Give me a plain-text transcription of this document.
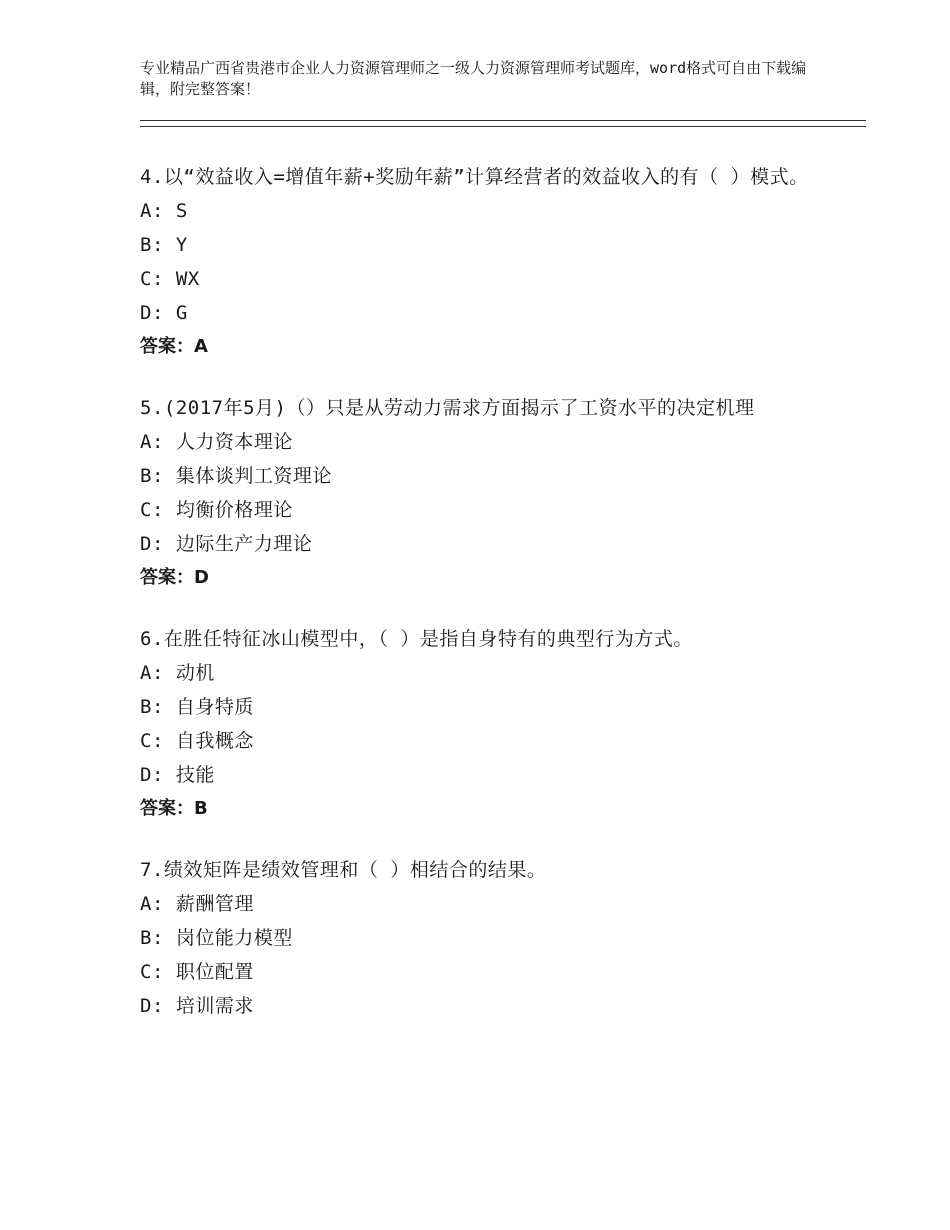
专业精品广西省贵港市企业人力资源管理师之一级人力资源管理师考试题库，word格式可自由下载编辑，附完整答案！
4.以“效益收入=增值年薪+奖励年薪”计算经营者的效益收入的有（ ）模式。
A: S
B: Y
C: WX
D: G
答案：A
5.(2017年5月)（）只是从劳动力需求方面揭示了工资水平的决定机理
A: 人力资本理论
B: 集体谈判工资理论
C: 均衡价格理论
D: 边际生产力理论
答案：D
6.在胜任特征冰山模型中，（ ）是指自身特有的典型行为方式。
A: 动机
B: 自身特质
C: 自我概念
D: 技能
答案：B
7.绩效矩阵是绩效管理和（ ）相结合的结果。
A: 薪酬管理
B: 岗位能力模型
C: 职位配置
D: 培训需求
